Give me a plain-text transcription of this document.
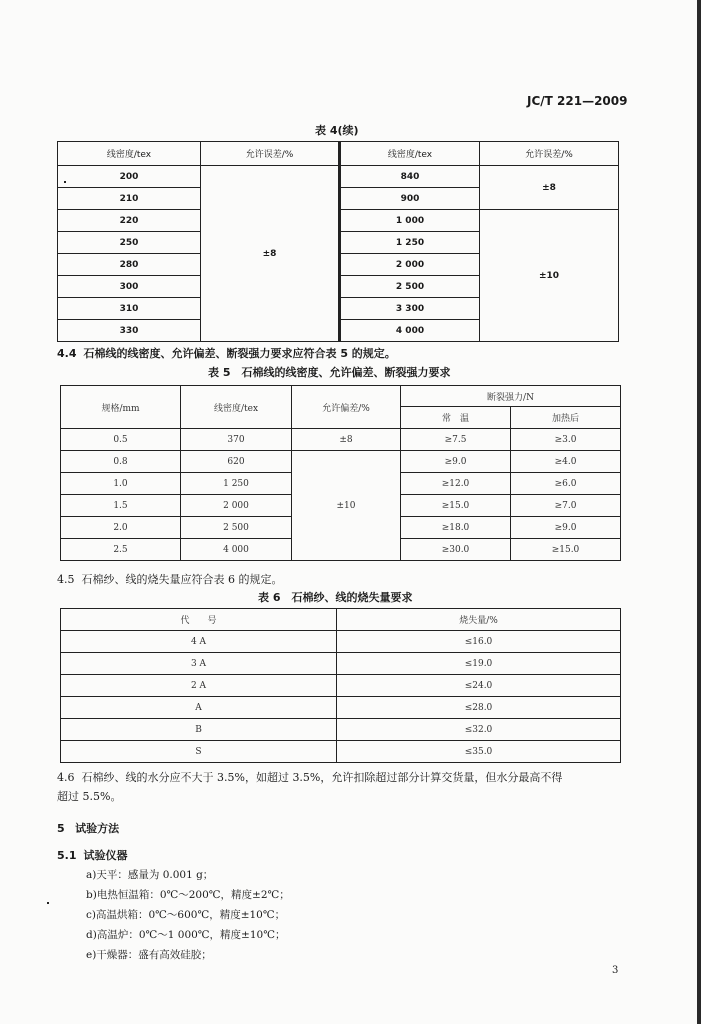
JC/T 221—2009
表 4(续)
线密度/tex	允许误差/%	线密度/tex	允许误差/%
200	±8	840	±8
210		900	
220		1 000	±10
250		1 250	
280		2 000	
300		2 500	
310		3 300	
330		4 000	
4.4 石棉线的线密度、允许偏差、断裂强力要求应符合表 5 的规定。
表 5　石棉线的线密度、允许偏差、断裂强力要求
规格/mm	线密度/tex	允许偏差/%	断裂强力/N	
			常　温	加热后
0.5	370	±8	≥7.5	≥3.0
0.8	620	±10	≥9.0	≥4.0
1.0	1 250		≥12.0	≥6.0
1.5	2 000		≥15.0	≥7.0
2.0	2 500		≥18.0	≥9.0
2.5	4 000		≥30.0	≥15.0
4.5 石棉纱、线的烧失量应符合表 6 的规定。
表 6　石棉纱、线的烧失量要求
代　　号	烧失量/%
4 A	≤16.0
3 A	≤19.0
2 A	≤24.0
A	≤28.0
B	≤32.0
S	≤35.0
4.6 石棉纱、线的水分应不大于 3.5%，如超过 3.5%，允许扣除超过部分计算交货量，但水分最高不得
超过 5.5%。
5 试验方法
5.1 试验仪器
a)天平：感量为 0.001 g；
b)电热恒温箱：0℃～200℃，精度±2℃；
c)高温烘箱：0℃～600℃，精度±10℃；
d)高温炉：0℃～1 000℃，精度±10℃；
e)干燥器：盛有高效硅胶；
3
